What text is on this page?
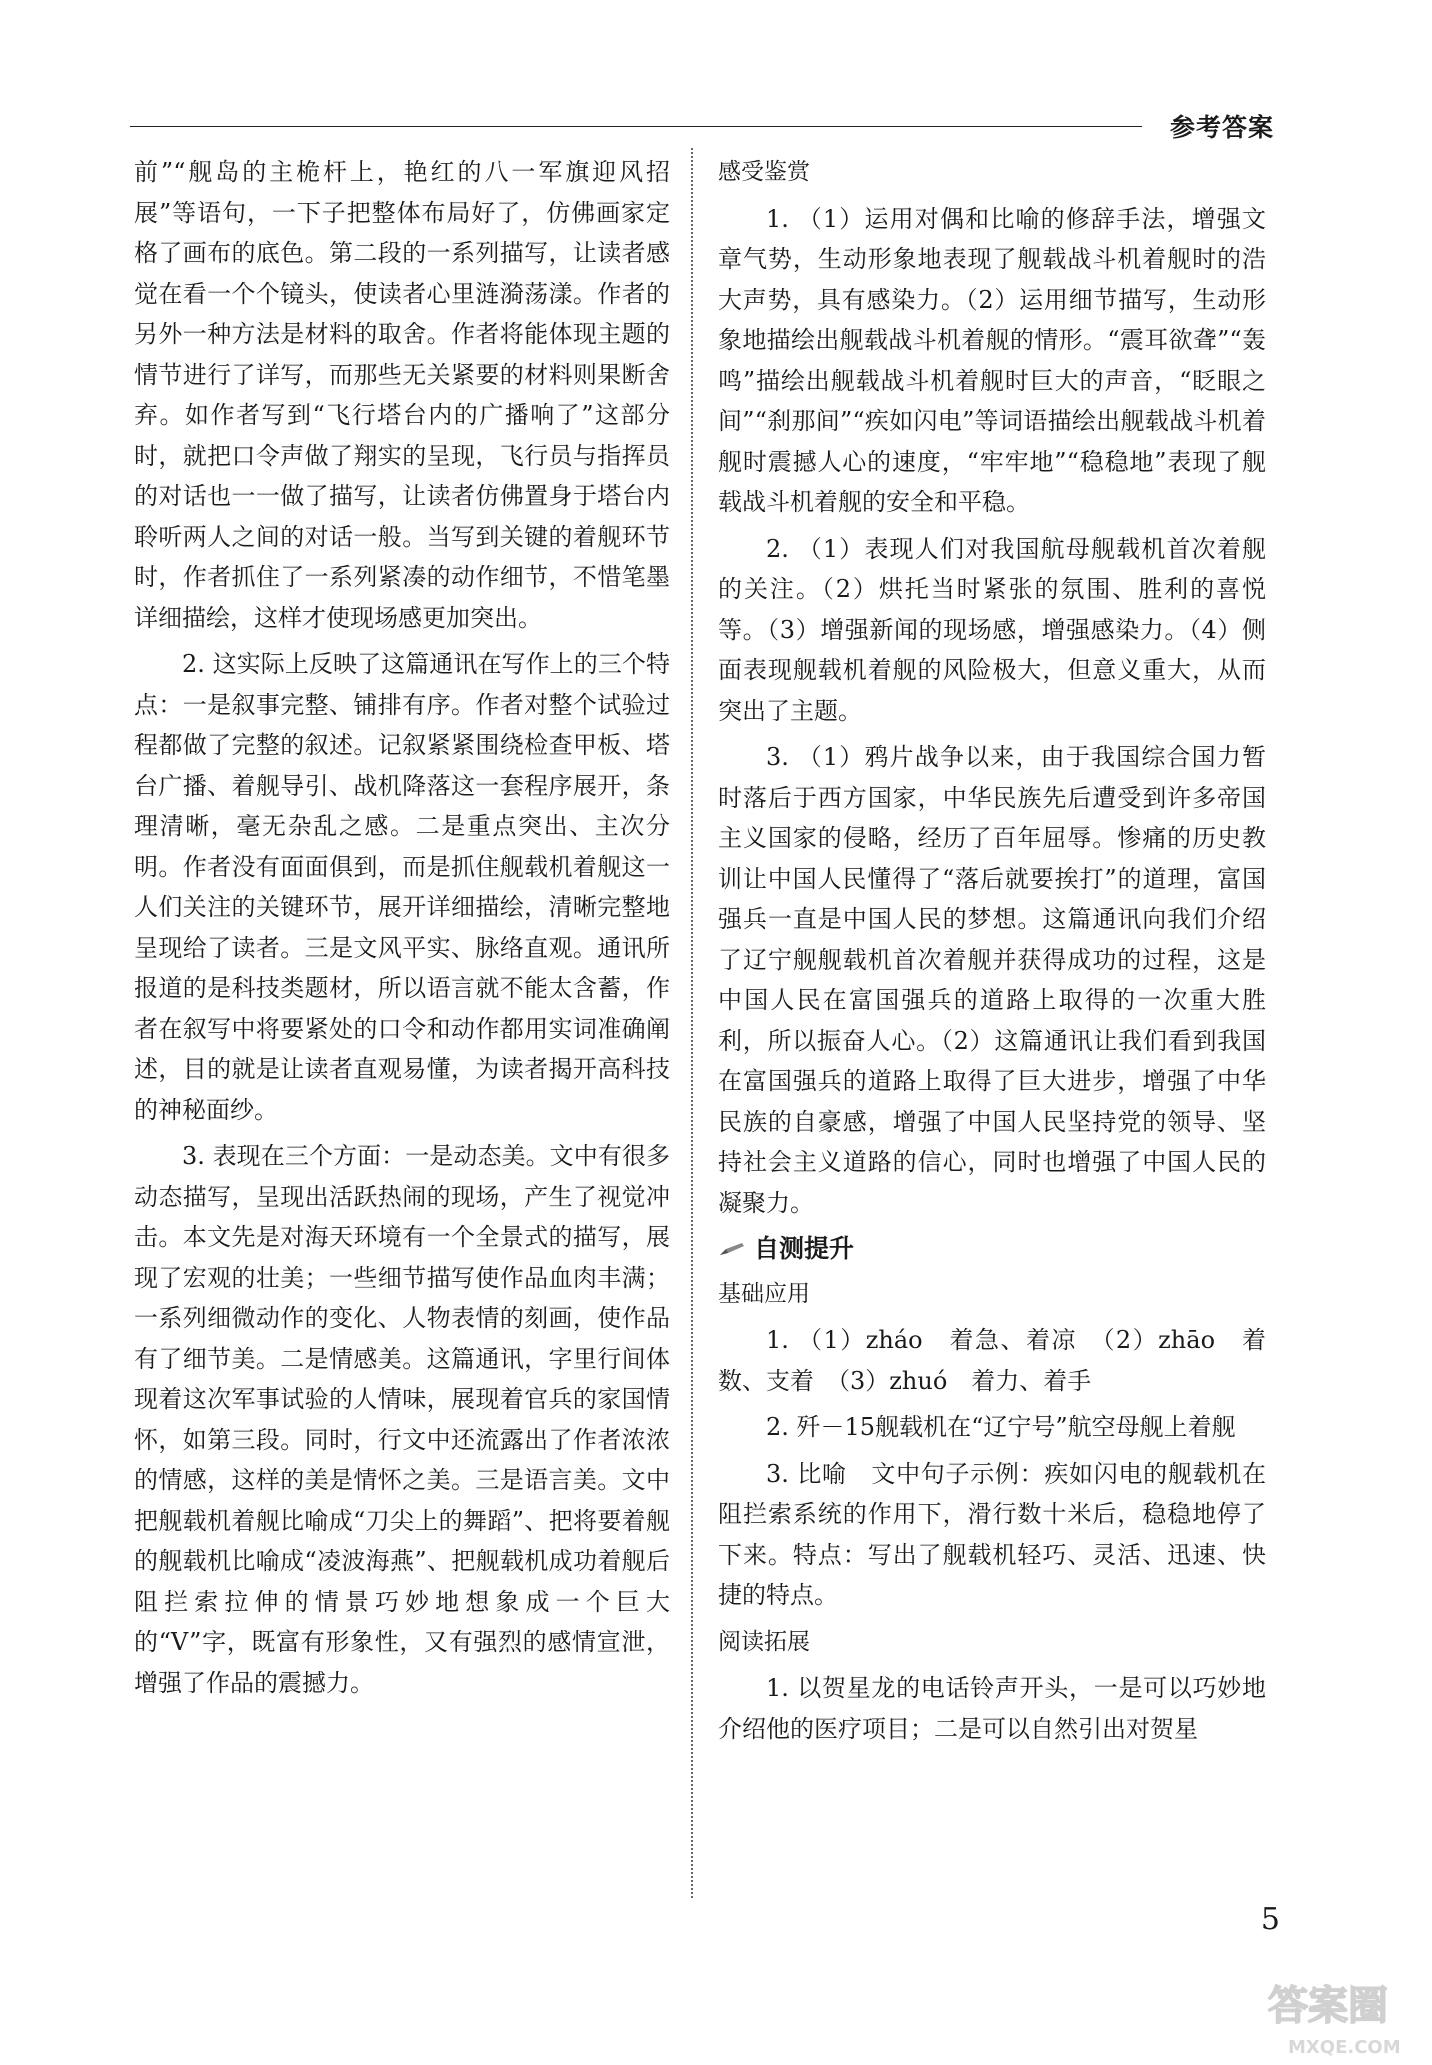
参考答案

前”“舰岛的主桅杆上，艳红的八一军旗迎风招展”等语句，一下子把整体布局好了，仿佛画家定格了画布的底色。第二段的一系列描写，让读者感觉在看一个个镜头，使读者心里涟漪荡漾。作者的另外一种方法是材料的取舍。作者将能体现主题的情节进行了详写，而那些无关紧要的材料则果断舍弃。如作者写到“飞行塔台内的广播响了”这部分时，就把口令声做了翔实的呈现，飞行员与指挥员的对话也一一做了描写，让读者仿佛置身于塔台内聆听两人之间的对话一般。当写到关键的着舰环节时，作者抓住了一系列紧凑的动作细节，不惜笔墨详细描绘，这样才使现场感更加突出。

2. 这实际上反映了这篇通讯在写作上的三个特点：一是叙事完整、铺排有序。作者对整个试验过程都做了完整的叙述。记叙紧紧围绕检查甲板、塔台广播、着舰导引、战机降落这一套程序展开，条理清晰，毫无杂乱之感。二是重点突出、主次分明。作者没有面面俱到，而是抓住舰载机着舰这一人们关注的关键环节，展开详细描绘，清晰完整地呈现给了读者。三是文风平实、脉络直观。通讯所报道的是科技类题材，所以语言就不能太含蓄，作者在叙写中将要紧处的口令和动作都用实词准确阐述，目的就是让读者直观易懂，为读者揭开高科技的神秘面纱。

3. 表现在三个方面：一是动态美。文中有很多动态描写，呈现出活跃热闹的现场，产生了视觉冲击。本文先是对海天环境有一个全景式的描写，展现了宏观的壮美；一些细节描写使作品血肉丰满；一系列细微动作的变化、人物表情的刻画，使作品有了细节美。二是情感美。这篇通讯，字里行间体现着这次军事试验的人情味，展现着官兵的家国情怀，如第三段。同时，行文中还流露出了作者浓浓的情感，这样的美是情怀之美。三是语言美。文中把舰载机着舰比喻成“刀尖上的舞蹈”、把将要着舰的舰载机比喻成“凌波海燕”、把舰载机成功着舰后阻拦索拉伸的情景巧妙地想象成一个巨大的“V”字，既富有形象性，又有强烈的感情宣泄，增强了作品的震撼力。

感受鉴赏

1. （1）运用对偶和比喻的修辞手法，增强文章气势，生动形象地表现了舰载战斗机着舰时的浩大声势，具有感染力。（2）运用细节描写，生动形象地描绘出舰载战斗机着舰的情形。“震耳欲聋”“轰鸣”描绘出舰载战斗机着舰时巨大的声音，“眨眼之间”“刹那间”“疾如闪电”等词语描绘出舰载战斗机着舰时震撼人心的速度，“牢牢地”“稳稳地”表现了舰载战斗机着舰的安全和平稳。

2. （1）表现人们对我国航母舰载机首次着舰的关注。（2）烘托当时紧张的氛围、胜利的喜悦等。（3）增强新闻的现场感，增强感染力。（4）侧面表现舰载机着舰的风险极大，但意义重大，从而突出了主题。

3. （1）鸦片战争以来，由于我国综合国力暂时落后于西方国家，中华民族先后遭受到许多帝国主义国家的侵略，经历了百年屈辱。惨痛的历史教训让中国人民懂得了“落后就要挨打”的道理，富国强兵一直是中国人民的梦想。这篇通讯向我们介绍了辽宁舰舰载机首次着舰并获得成功的过程，这是中国人民在富国强兵的道路上取得的一次重大胜利，所以振奋人心。（2）这篇通讯让我们看到我国在富国强兵的道路上取得了巨大进步，增强了中华民族的自豪感，增强了中国人民坚持党的领导、坚持社会主义道路的信心，同时也增强了中国人民的凝聚力。

自测提升
基础应用

1. （1）zháo　着急、着凉　（2）zhāo　着数、支着　（3）zhuó　着力、着手

2. 歼－15舰载机在“辽宁号”航空母舰上着舰

3. 比喻　文中句子示例：疾如闪电的舰载机在阻拦索系统的作用下，滑行数十米后，稳稳地停了下来。特点：写出了舰载机轻巧、灵活、迅速、快捷的特点。

阅读拓展

1. 以贺星龙的电话铃声开头，一是可以巧妙地介绍他的医疗项目；二是可以自然引出对贺星

5
答案圈
MXQE.COM
